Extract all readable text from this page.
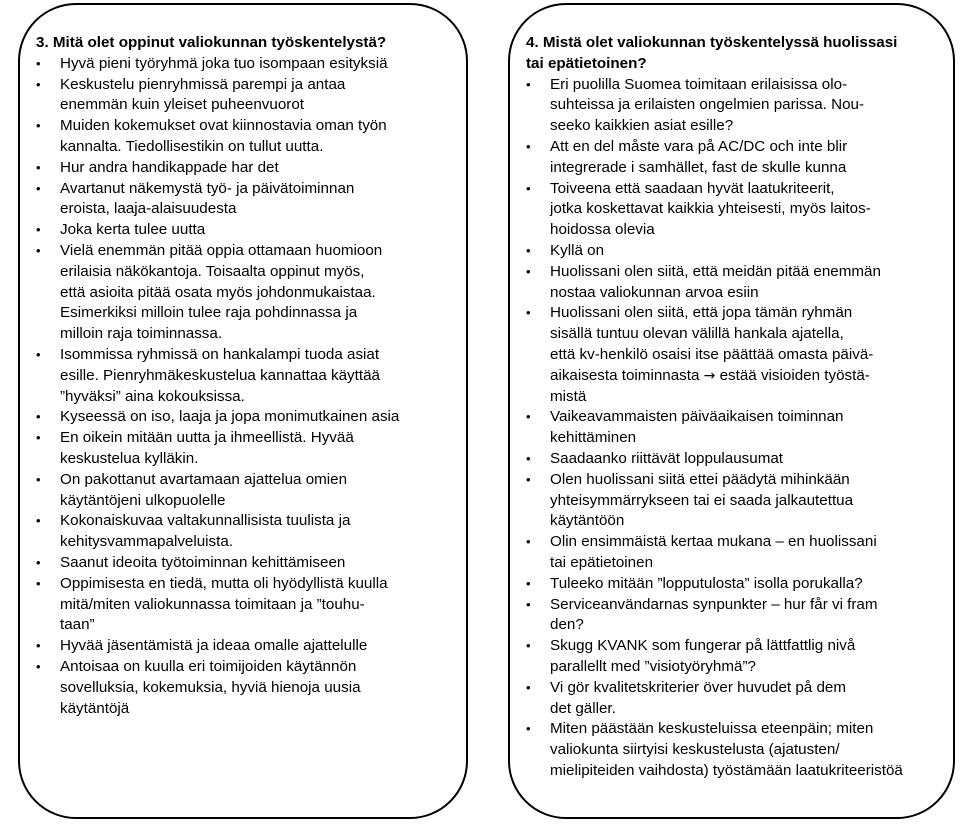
3. Mitä olet oppinut valiokunnan työskentelystä?
•	Hyvä pieni työryhmä joka tuo isompaan esityksiä
•	Keskustelu pienryhmissä parempi ja antaa
enemmän kuin yleiset puheenvuorot
•	Muiden kokemukset ovat kiinnostavia oman työn
kannalta. Tiedollisestikin on tullut uutta.
•	Hur andra handikappade har det
•	Avartanut näkemystä työ- ja päivätoiminnan
eroista, laaja-alaisuudesta
•	Joka kerta tulee uutta
•	Vielä enemmän pitää oppia ottamaan huomioon
erilaisia näkökantoja. Toisaalta oppinut myös,
että asioita pitää osata myös johdonmukaistaa.
Esimerkiksi milloin tulee raja pohdinnassa ja
milloin raja toiminnassa.
•	Isommissa ryhmissä on hankalampi tuoda asiat
esille. Pienryhmäkeskustelua kannattaa käyttää
”hyväksi” aina kokouksissa.
•	Kyseessä on iso, laaja ja jopa monimutkainen asia
•	En oikein mitään uutta ja ihmeellistä. Hyvää
keskustelua kylläkin.
•	On pakottanut avartamaan ajattelua omien
käytäntöjeni ulkopuolelle
•	Kokonaiskuvaa valtakunnallisista tuulista ja
kehitysvammapalveluista.
•	Saanut ideoita työtoiminnan kehittämiseen
•	Oppimisesta en tiedä, mutta oli hyödyllistä kuulla
mitä/miten valiokunnassa toimitaan ja ”touhu-
taan”
•	Hyvää jäsentämistä ja ideaa omalle ajattelulle
•	Antoisaa on kuulla eri toimijoiden käytännön
sovelluksia, kokemuksia, hyviä hienoja uusia
käytäntöjä
4. Mistä olet valiokunnan työskentelyssä huolissasi
tai epätietoinen?
•	Eri puolilla Suomea toimitaan erilaisissa olo-
suhteissa ja erilaisten ongelmien parissa. Nou-
seeko kaikkien asiat esille?
•	Att en del måste vara på AC/DC och inte blir
integrerade i samhället, fast de skulle kunna
•	Toiveena että saadaan hyvät laatukriteerit,
jotka koskettavat kaikkia yhteisesti, myös laitos-
hoidossa olevia
•	Kyllä on
•	Huolissani olen siitä, että meidän pitää enemmän
nostaa valiokunnan arvoa esiin
•	Huolissani olen siitä, että jopa tämän ryhmän
sisällä tuntuu olevan välillä hankala ajatella,
että kv-henkilö osaisi itse päättää omasta päivä-
aikaisesta toiminnasta → estää visioiden työstä-
mistä
•	Vaikeavammaisten päiväaikaisen toiminnan
kehittäminen
•	Saadaanko riittävät loppulausumat
•	Olen huolissani siitä ettei päädytä mihinkään
yhteisymmärrykseen tai ei saada jalkautettua
käytäntöön
•	Olin ensimmäistä kertaa mukana – en huolissani
tai epätietoinen
•	Tuleeko mitään ”lopputulosta” isolla porukalla?
•	Serviceanvändarnas synpunkter – hur får vi fram
den?
•	Skugg KVANK som fungerar på lättfattlig nivå
parallellt med ”visiotyöryhmä”?
•	Vi gör kvalitetskriterier över huvudet på dem
det gäller.
•	Miten päästään keskusteluissa eteenpäin; miten
valiokunta siirtyisi keskustelusta (ajatusten/
mielipiteiden vaihdosta) työstämään laatukriteeristöä
